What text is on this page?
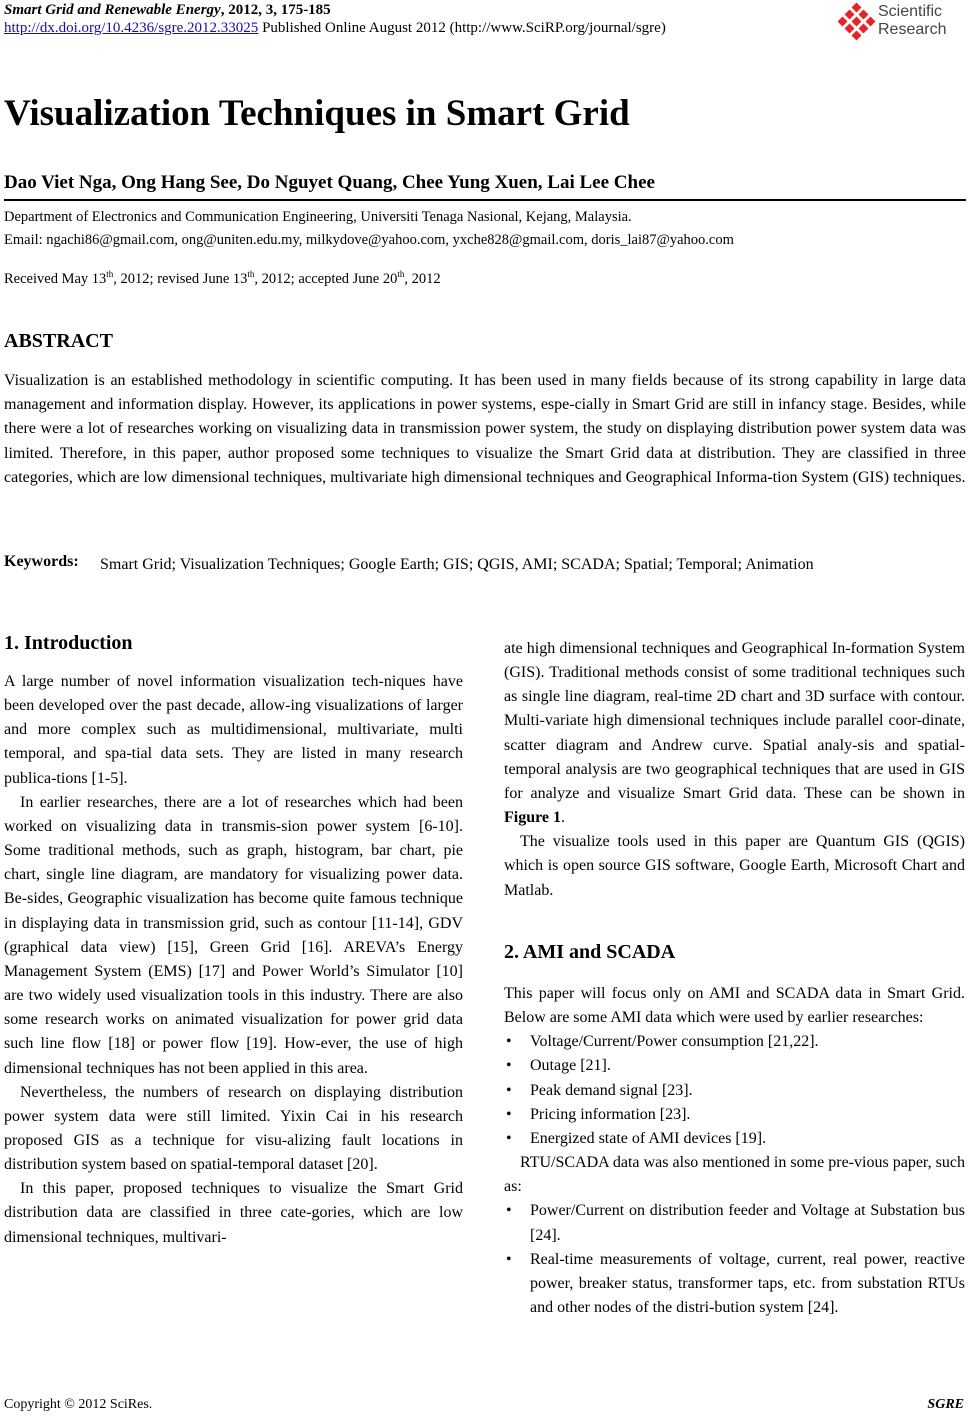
Smart Grid and Renewable Energy, 2012, 3, 175-185
http://dx.doi.org/10.4236/sgre.2012.33025 Published Online August 2012 (http://www.SciRP.org/journal/sgre)
Scientific
Research
Visualization Techniques in Smart Grid
Dao Viet Nga, Ong Hang See, Do Nguyet Quang, Chee Yung Xuen, Lai Lee Chee
Department of Electronics and Communication Engineering, Universiti Tenaga Nasional, Kejang, Malaysia.
Email: ngachi86@gmail.com, ong@uniten.edu.my, milkydove@yahoo.com, yxche828@gmail.com, doris_lai87@yahoo.com
Received May 13th, 2012; revised June 13th, 2012; accepted June 20th, 2012
ABSTRACT
Visualization is an established methodology in scientific computing. It has been used in many fields because of its strong capability in large data management and information display. However, its applications in power systems, espe-cially in Smart Grid are still in infancy stage. Besides, while there were a lot of researches working on visualizing data in transmission power system, the study on displaying distribution power system data was limited. Therefore, in this paper, author proposed some techniques to visualize the Smart Grid data at distribution. They are classified in three categories, which are low dimensional techniques, multivariate high dimensional techniques and Geographical Informa-tion System (GIS) techniques.
Keywords: Smart Grid; Visualization Techniques; Google Earth; GIS; QGIS, AMI; SCADA; Spatial; Temporal; Animation
1. Introduction

A large number of novel information visualization tech-niques have been developed over the past decade, allow-ing visualizations of larger and more complex such as multidimensional, multivariate, multi temporal, and spa-tial data sets. They are listed in many research publica-tions [1-5].

In earlier researches, there are a lot of researches which had been worked on visualizing data in transmis-sion power system [6-10]. Some traditional methods, such as graph, histogram, bar chart, pie chart, single line diagram, are mandatory for visualizing power data. Be-sides, Geographic visualization has become quite famous technique in displaying data in transmission grid, such as contour [11-14], GDV (graphical data view) [15], Green Grid [16]. AREVA’s Energy Management System (EMS) [17] and Power World’s Simulator [10] are two widely used visualization tools in this industry. There are also some research works on animated visualization for power grid data such line flow [18] or power flow [19]. How-ever, the use of high dimensional techniques has not been applied in this area.

Nevertheless, the numbers of research on displaying distribution power system data were still limited. Yixin Cai in his research proposed GIS as a technique for visu-alizing fault locations in distribution system based on spatial-temporal dataset [20].

In this paper, proposed techniques to visualize the Smart Grid distribution data are classified in three cate-gories, which are low dimensional techniques, multivari-

ate high dimensional techniques and Geographical In-formation System (GIS). Traditional methods consist of some traditional techniques such as single line diagram, real-time 2D chart and 3D surface with contour. Multi-variate high dimensional techniques include parallel coor-dinate, scatter diagram and Andrew curve. Spatial analy-sis and spatial-temporal analysis are two geographical techniques that are used in GIS for analyze and visualize Smart Grid data. These can be shown in Figure 1.

The visualize tools used in this paper are Quantum GIS (QGIS) which is open source GIS software, Google Earth, Microsoft Chart and Matlab.

2. AMI and SCADA

This paper will focus only on AMI and SCADA data in Smart Grid. Below are some AMI data which were used by earlier researches:

• Voltage/Current/Power consumption [21,22].
• Outage [21].
• Peak demand signal [23].
• Pricing information [23].
• Energized state of AMI devices [19].

RTU/SCADA data was also mentioned in some pre-vious paper, such as:

• Power/Current on distribution feeder and Voltage at Substation bus [24].
• Real-time measurements of voltage, current, real power, reactive power, breaker status, transformer taps, etc. from substation RTUs and other nodes of the distri-bution system [24].
Copyright © 2012 SciRes.	SGRE
